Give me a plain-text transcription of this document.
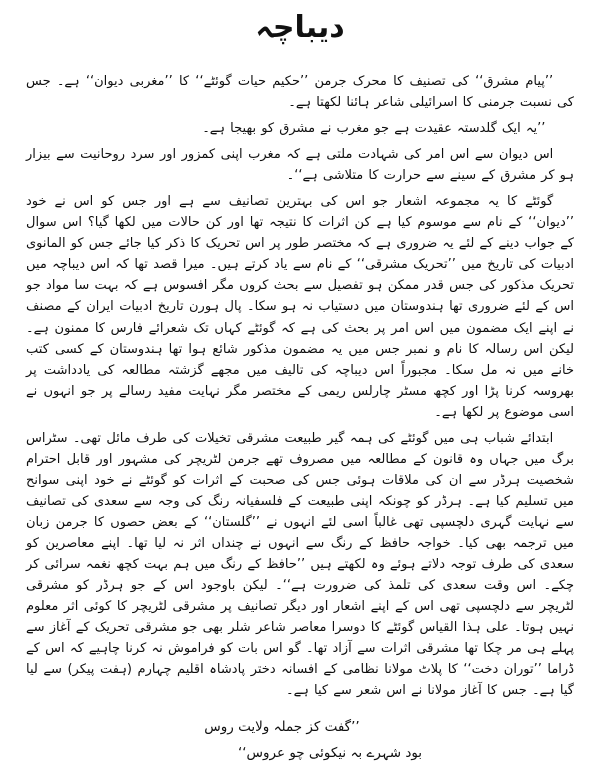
دیباچہ

’’پیام مشرق‘‘ کی تصنیف کا محرک جرمن ’’حکیم حیات گوئٹے‘‘ کا ’’مغربی دیوان‘‘ ہے۔ جس کی نسبت جرمنی کا اسرائیلی شاعر ہائنا لکھتا ہے۔

’’یہ ایک گلدستہ عقیدت ہے جو مغرب نے مشرق کو بھیجا ہے۔

اس دیوان سے اس امر کی شہادت ملتی ہے کہ مغرب اپنی کمزور اور سرد روحانیت سے بیزار ہو کر مشرق کے سینے سے حرارت کا متلاشی ہے‘‘۔

گوئٹے کا یہ مجموعہ اشعار جو اس کی بہترین تصانیف سے ہے اور جس کو اس نے خود ’’دیوان‘‘ کے نام سے موسوم کیا ہے کن اثرات کا نتیجہ تھا اور کن حالات میں لکھا گیا؟ اس سوال کے جواب دینے کے لئے یہ ضروری ہے کہ مختصر طور پر اس تحریک کا ذکر کیا جائے جس کو المانوی ادبیات کی تاریخ میں ’’تحریک مشرقی‘‘ کے نام سے یاد کرتے ہیں۔ میرا قصد تھا کہ اس دیباچہ میں تحریک مذکور کی جس قدر ممکن ہو تفصیل سے بحث کروں مگر افسوس ہے کہ بہت سا مواد جو اس کے لئے ضروری تھا ہندوستان میں دستیاب نہ ہو سکا۔ پال ہورن تاریخ ادبیات ایران کے مصنف نے اپنے ایک مضمون میں اس امر پر بحث کی ہے کہ گوئٹے کہاں تک شعرائے فارس کا ممنون ہے۔ لیکن اس رسالہ کا نام و نمبر جس میں یہ مضمون مذکور شائع ہوا تھا ہندوستان کے کسی کتب خانے میں نہ مل سکا۔ مجبوراً اس دیباچہ کی تالیف میں مجھے گزشتہ مطالعہ کی یادداشت پر بھروسہ کرنا پڑا اور کچھ مسٹر چارلس ریمی کے مختصر مگر نہایت مفید رسالے پر جو انہوں نے اسی موضوع پر لکھا ہے۔

ابتدائے شباب ہی میں گوئٹے کی ہمہ گیر طبیعت مشرقی تخیلات کی طرف مائل تھی۔ سٹراس برگ میں جہاں وہ قانون کے مطالعہ میں مصروف تھے جرمن لٹریچر کی مشہور اور قابل احترام شخصیت ہرڈر سے ان کی ملاقات ہوئی جس کی صحبت کے اثرات کو گوئٹے نے خود اپنی سوانح میں تسلیم کیا ہے۔ ہرڈر کو چونکہ اپنی طبیعت کے فلسفیانہ رنگ کی وجہ سے سعدی کی تصانیف سے نہایت گہری دلچسپی تھی غالباً اسی لئے انہوں نے ’’گلستان‘‘ کے بعض حصوں کا جرمن زبان میں ترجمہ بھی کیا۔ خواجہ حافظ کے رنگ سے انہوں نے چنداں اثر نہ لیا تھا۔ اپنے معاصرین کو سعدی کی طرف توجہ دلاتے ہوئے وہ لکھتے ہیں ’’حافظ کے رنگ میں ہم بہت کچھ نغمہ سرائی کر چکے۔ اس وقت سعدی کی تلمذ کی ضرورت ہے‘‘۔ لیکن باوجود اس کے جو ہرڈر کو مشرقی لٹریچر سے دلچسپی تھی اس کے اپنے اشعار اور دیگر تصانیف پر مشرقی لٹریچر کا کوئی اثر معلوم نہیں ہوتا۔ علی ہذا القیاس گوئٹے کا دوسرا معاصر شاعر شلر بھی جو مشرقی تحریک کے آغاز سے پہلے ہی مر چکا تھا مشرقی اثرات سے آزاد تھا۔ گو اس بات کو فراموش نہ کرنا چاہیے کہ اس کے ڈراما ’’توران دخت‘‘ کا پلاٹ مولانا نظامی کے افسانہ دختر پادشاہ اقلیم چہارم (ہفت پیکر) سے لیا گیا ہے۔ جس کا آغاز مولانا نے اس شعر سے کیا ہے۔

’’گفت کز جملہ ولایت روس
بود شہرے بہ نیکوئی چو عروس‘‘
